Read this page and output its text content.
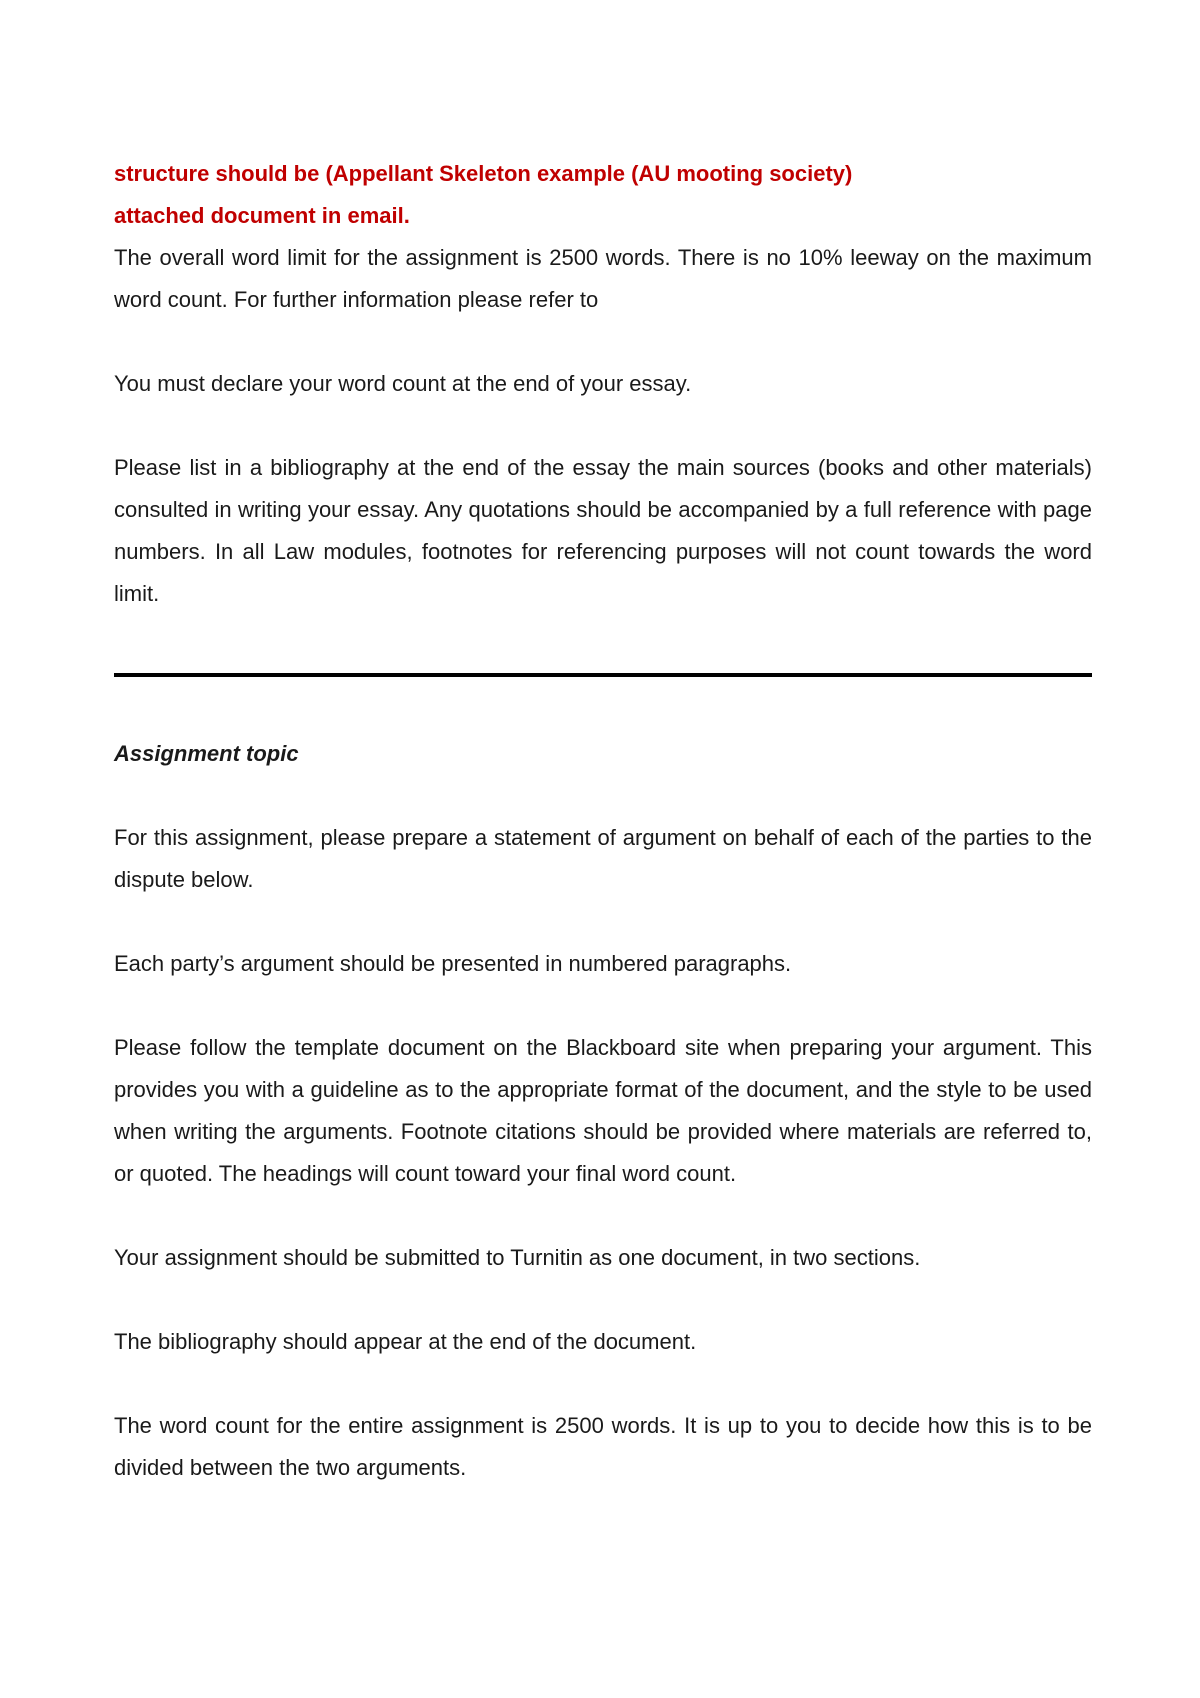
structure should be (Appellant Skeleton example (AU mooting society)
attached document in email.

The overall word limit for the assignment is 2500 words. There is no 10% leeway on the maximum word count. For further information please refer to

You must declare your word count at the end of your essay.

Please list in a bibliography at the end of the essay the main sources (books and other materials) consulted in writing your essay. Any quotations should be accompanied by a full reference with page numbers. In all Law modules, footnotes for referencing purposes will not count towards the word limit.

Assignment topic

For this assignment, please prepare a statement of argument on behalf of each of the parties to the dispute below.

Each party’s argument should be presented in numbered paragraphs.

Please follow the template document on the Blackboard site when preparing your argument. This provides you with a guideline as to the appropriate format of the document, and the style to be used when writing the arguments. Footnote citations should be provided where materials are referred to, or quoted. The headings will count toward your final word count.

Your assignment should be submitted to Turnitin as one document, in two sections.

The bibliography should appear at the end of the document.

The word count for the entire assignment is 2500 words. It is up to you to decide how this is to be divided between the two arguments.
